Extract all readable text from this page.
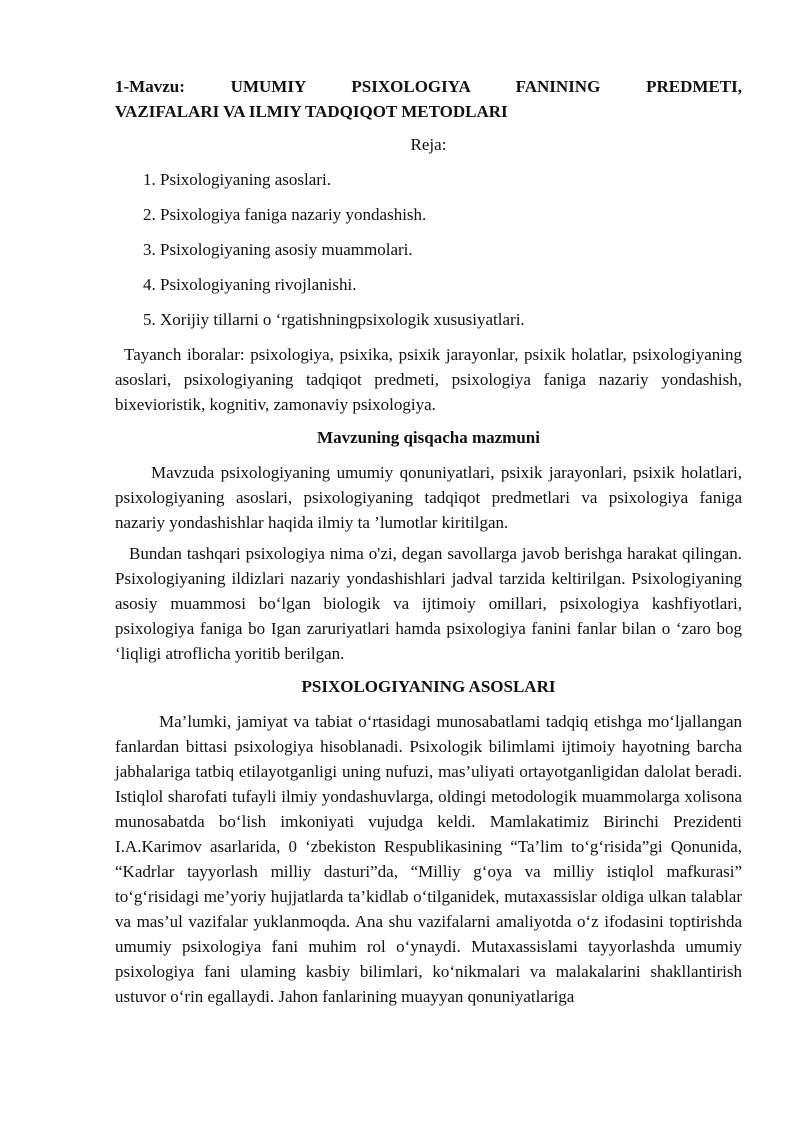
1-Mavzu: UMUMIY PSIXOLOGIYA FANINING PREDMETI,
VAZIFALARI VA ILMIY TADQIQOT METODLARI
Reja:
1. Psixologiyaning asoslari.
2. Psixologiya faniga nazariy yondashish.
3. Psixologiyaning asosiy muammolari.
4. Psixologiyaning rivojlanishi.
5. Xorijiy tillarni o ‘rgatishningpsixologik xususiyatlari.

Tayanch iboralar: psixologiya, psixika, psixik jarayonlar, psixik holatlar, psixologiyaning asoslari, psixologiyaning tadqiqot predmeti, psixologiya faniga nazariy yondashish, bixevioristik, kognitiv, zamonaviy psixologiya.

Mavzuning qisqacha mazmuni

Mavzuda psixologiyaning umumiy qonuniyatlari, psixik jarayonlari, psixik holatlari, psixologiyaning asoslari, psixologiyaning tadqiqot predmetlari va psixologiya faniga nazariy yondashishlar haqida ilmiy ta ’lumotlar kiritilgan.

Bundan tashqari psixologiya nima o'zi, degan savollarga javob berishga harakat qilingan. Psixologiyaning ildizlari nazariy yondashishlari jadval tarzida keltirilgan. Psixologiyaning asosiy muammosi bo‘lgan biologik va ijtimoiy omillari, psixologiya kashfiyotlari, psixologiya faniga bo Igan zaruriyatlari hamda psixologiya fanini fanlar bilan o ‘zaro bog ‘liqligi atroflicha yoritib berilgan.

PSIXOLOGIYANING ASOSLARI

Ma’lumki, jamiyat va tabiat o‘rtasidagi munosabatlami tadqiq etishga mo‘ljallangan fanlardan bittasi psixologiya hisoblanadi. Psixologik bilimlami ijtimoiy hayotning barcha jabhalariga tatbiq etilayotganligi uning nufuzi, mas’uliyati ortayotganligidan dalolat beradi. Istiqlol sharofati tufayli ilmiy yondashuvlarga, oldingi metodologik muammolarga xolisona munosabatda bo‘lish imkoniyati vujudga keldi. Mamlakatimiz Birinchi Prezidenti I.A.Karimov asarlarida, 0 ‘zbekiston Respublikasining “Ta’lim to‘g‘risida”gi Qonunida, “Kadrlar tayyorlash milliy dasturi”da, “Milliy g‘oya va milliy istiqlol mafkurasi” to‘g‘risidagi me’yoriy hujjatlarda ta’kidlab o‘tilganidek, mutaxassislar oldiga ulkan talablar va mas’ul vazifalar yuklanmoqda. Ana shu vazifalarni amaliyotda o‘z ifodasini toptirishda umumiy psixologiya fani muhim rol o‘ynaydi. Mutaxassislami tayyorlashda umumiy psixologiya fani ulaming kasbiy bilimlari, ko‘nikmalari va malakalarini shakllantirish ustuvor o‘rin egallaydi. Jahon fanlarining muayyan qonuniyatlariga
